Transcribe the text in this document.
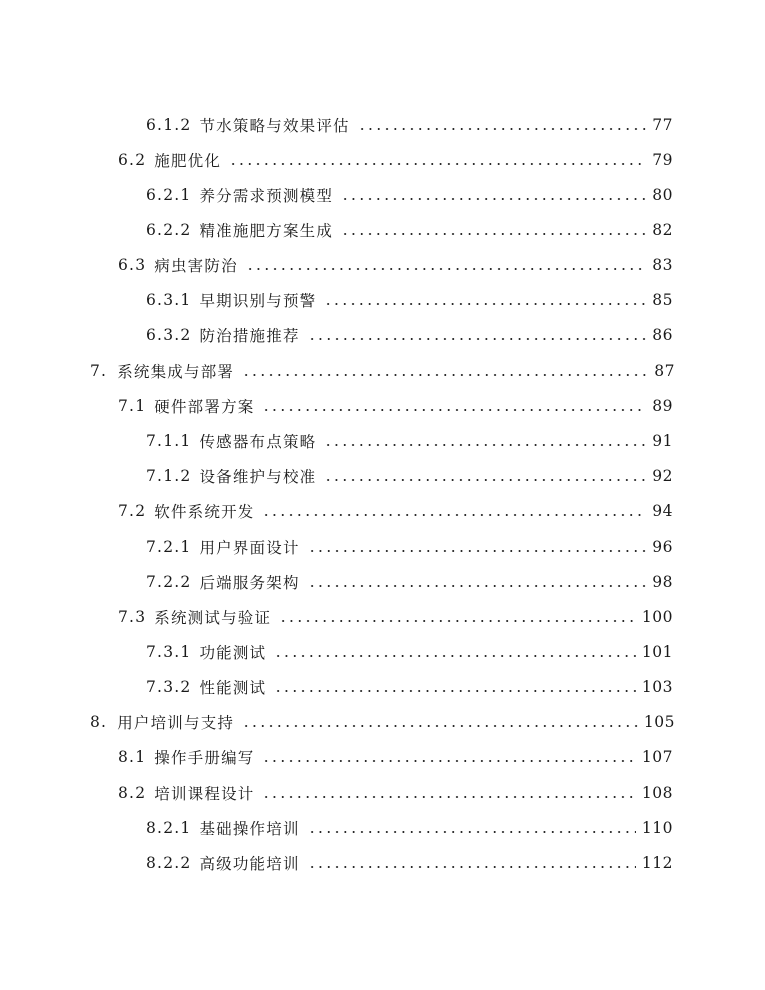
6.1.2 节水策略与效果评估	77
6.2 施肥优化	79
6.2.1 养分需求预测模型	80
6.2.2 精准施肥方案生成	82
6.3 病虫害防治	83
6.3.1 早期识别与预警	85
6.3.2 防治措施推荐	86
7. 系统集成与部署	87
7.1 硬件部署方案	89
7.1.1 传感器布点策略	91
7.1.2 设备维护与校准	92
7.2 软件系统开发	94
7.2.1 用户界面设计	96
7.2.2 后端服务架构	98
7.3 系统测试与验证	100
7.3.1 功能测试	101
7.3.2 性能测试	103
8. 用户培训与支持	105
8.1 操作手册编写	107
8.2 培训课程设计	108
8.2.1 基础操作培训	110
8.2.2 高级功能培训	112
